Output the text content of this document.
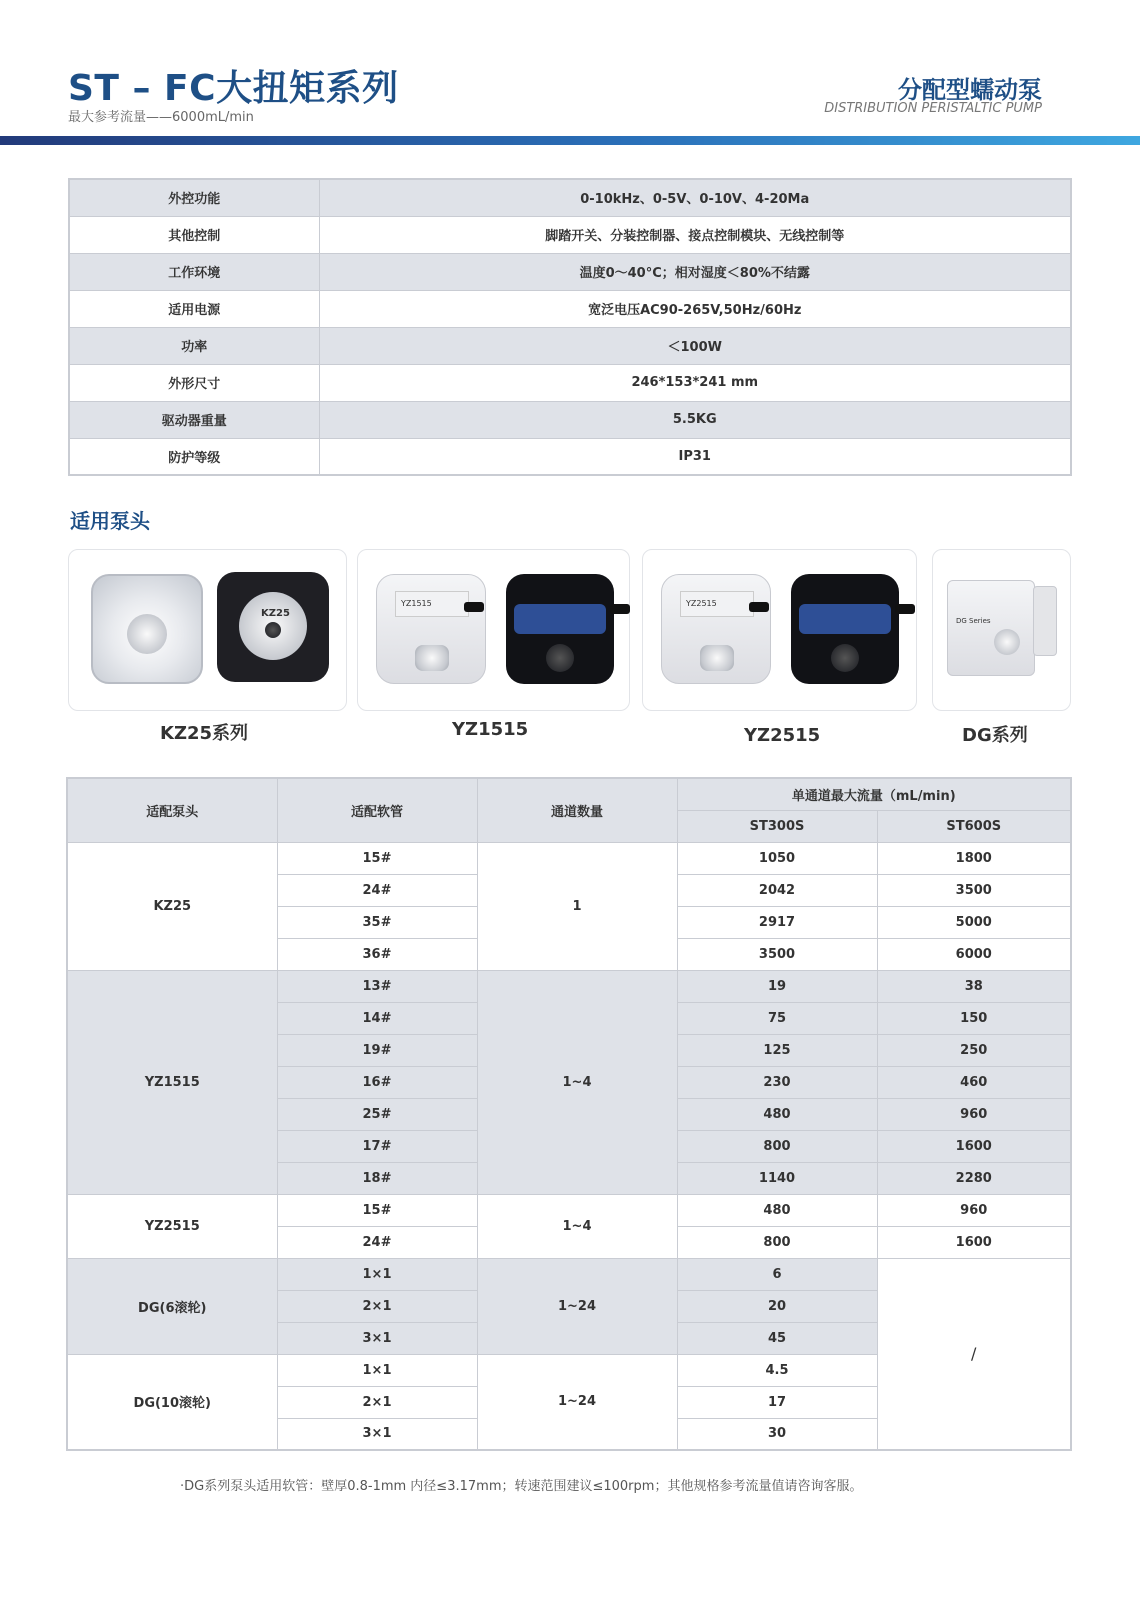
ST – FC大扭矩系列
最大参考流量——6000mL/min
分配型蠕动泵
DISTRIBUTION PERISTALTIC PUMP
外控功能	0-10kHz、0-5V、0-10V、4-20Ma
其他控制	脚踏开关、分装控制器、接点控制模块、无线控制等
工作环境	温度0～40°C；相对湿度＜80%不结露
适用电源	宽泛电压AC90-265V,50Hz/60Hz
功率	＜100W
外形尺寸	246*153*241 mm
驱动器重量	5.5KG
防护等级	IP31
适用泵头
KZ25
KZ25系列
YZ1515
YZ1515
YZ2515
YZ2515
DG Series
DG系列
适配泵头	适配软管	通道数量	单通道最大流量（mL/min)	
			ST300S	ST600S
KZ25	15#	1	1050	1800
	24#		2042	3500
	35#		2917	5000
	36#		3500	6000
YZ1515	13#	1~4	19	38
	14#		75	150
	19#		125	250
	16#		230	460
	25#		480	960
	17#		800	1600
	18#		1140	2280
YZ2515	15#	1~4	480	960
	24#		800	1600
DG(6滚轮)	1×1	1~24	6	/
	2×1		20	
	3×1		45	
DG(10滚轮)	1×1	1~24	4.5	
	2×1		17	
	3×1		30	
·DG系列泵头适用软管：壁厚0.8-1mm 内径≤3.17mm；转速范围建议≤100rpm；其他规格参考流量值请咨询客服。
